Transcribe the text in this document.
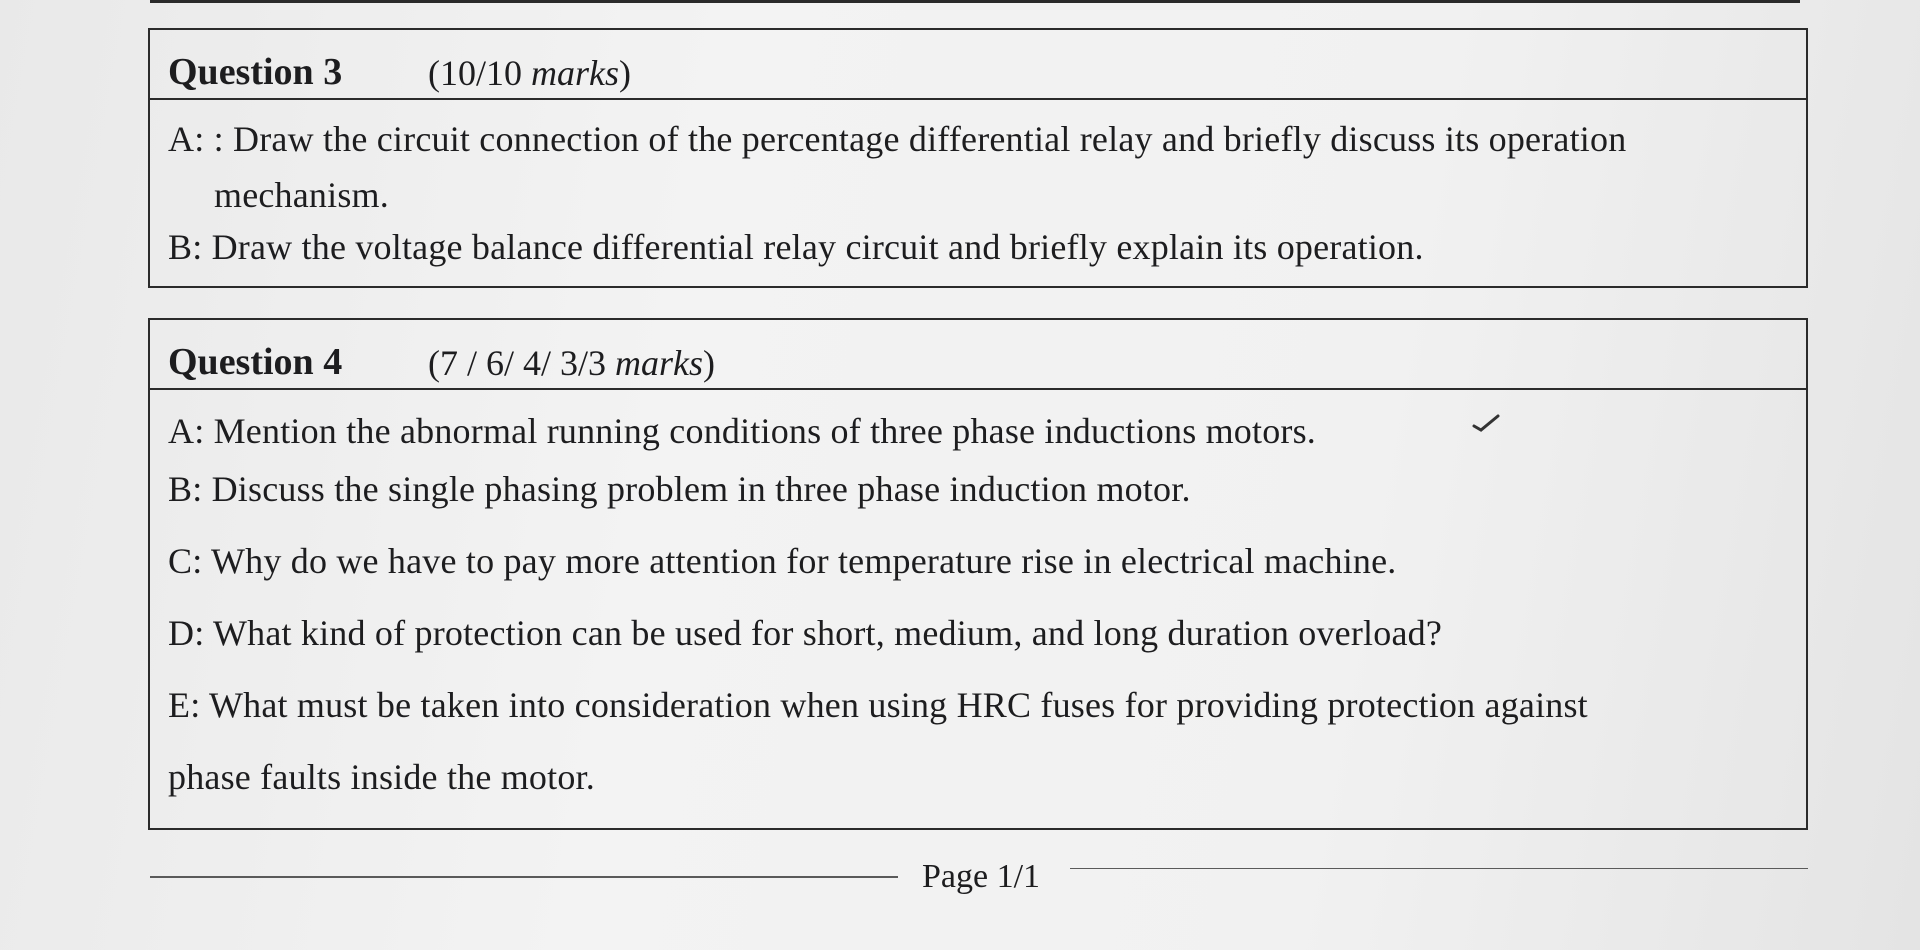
Question 3 (10/10 marks)
A: : Draw the circuit connection of the percentage differential relay and briefly discuss its operation
mechanism.
B: Draw the voltage balance differential relay circuit and briefly explain its operation.
Question 4 (7 / 6/ 4/ 3/3 marks)
A: Mention the abnormal running conditions of three phase inductions motors.
B: Discuss the single phasing problem in three phase induction motor.
C: Why do we have to pay more attention for temperature rise in electrical machine.
D: What kind of protection can be used for short, medium, and long duration overload?
E: What must be taken into consideration when using HRC fuses for providing protection against
phase faults inside the motor.
Page 1/1
